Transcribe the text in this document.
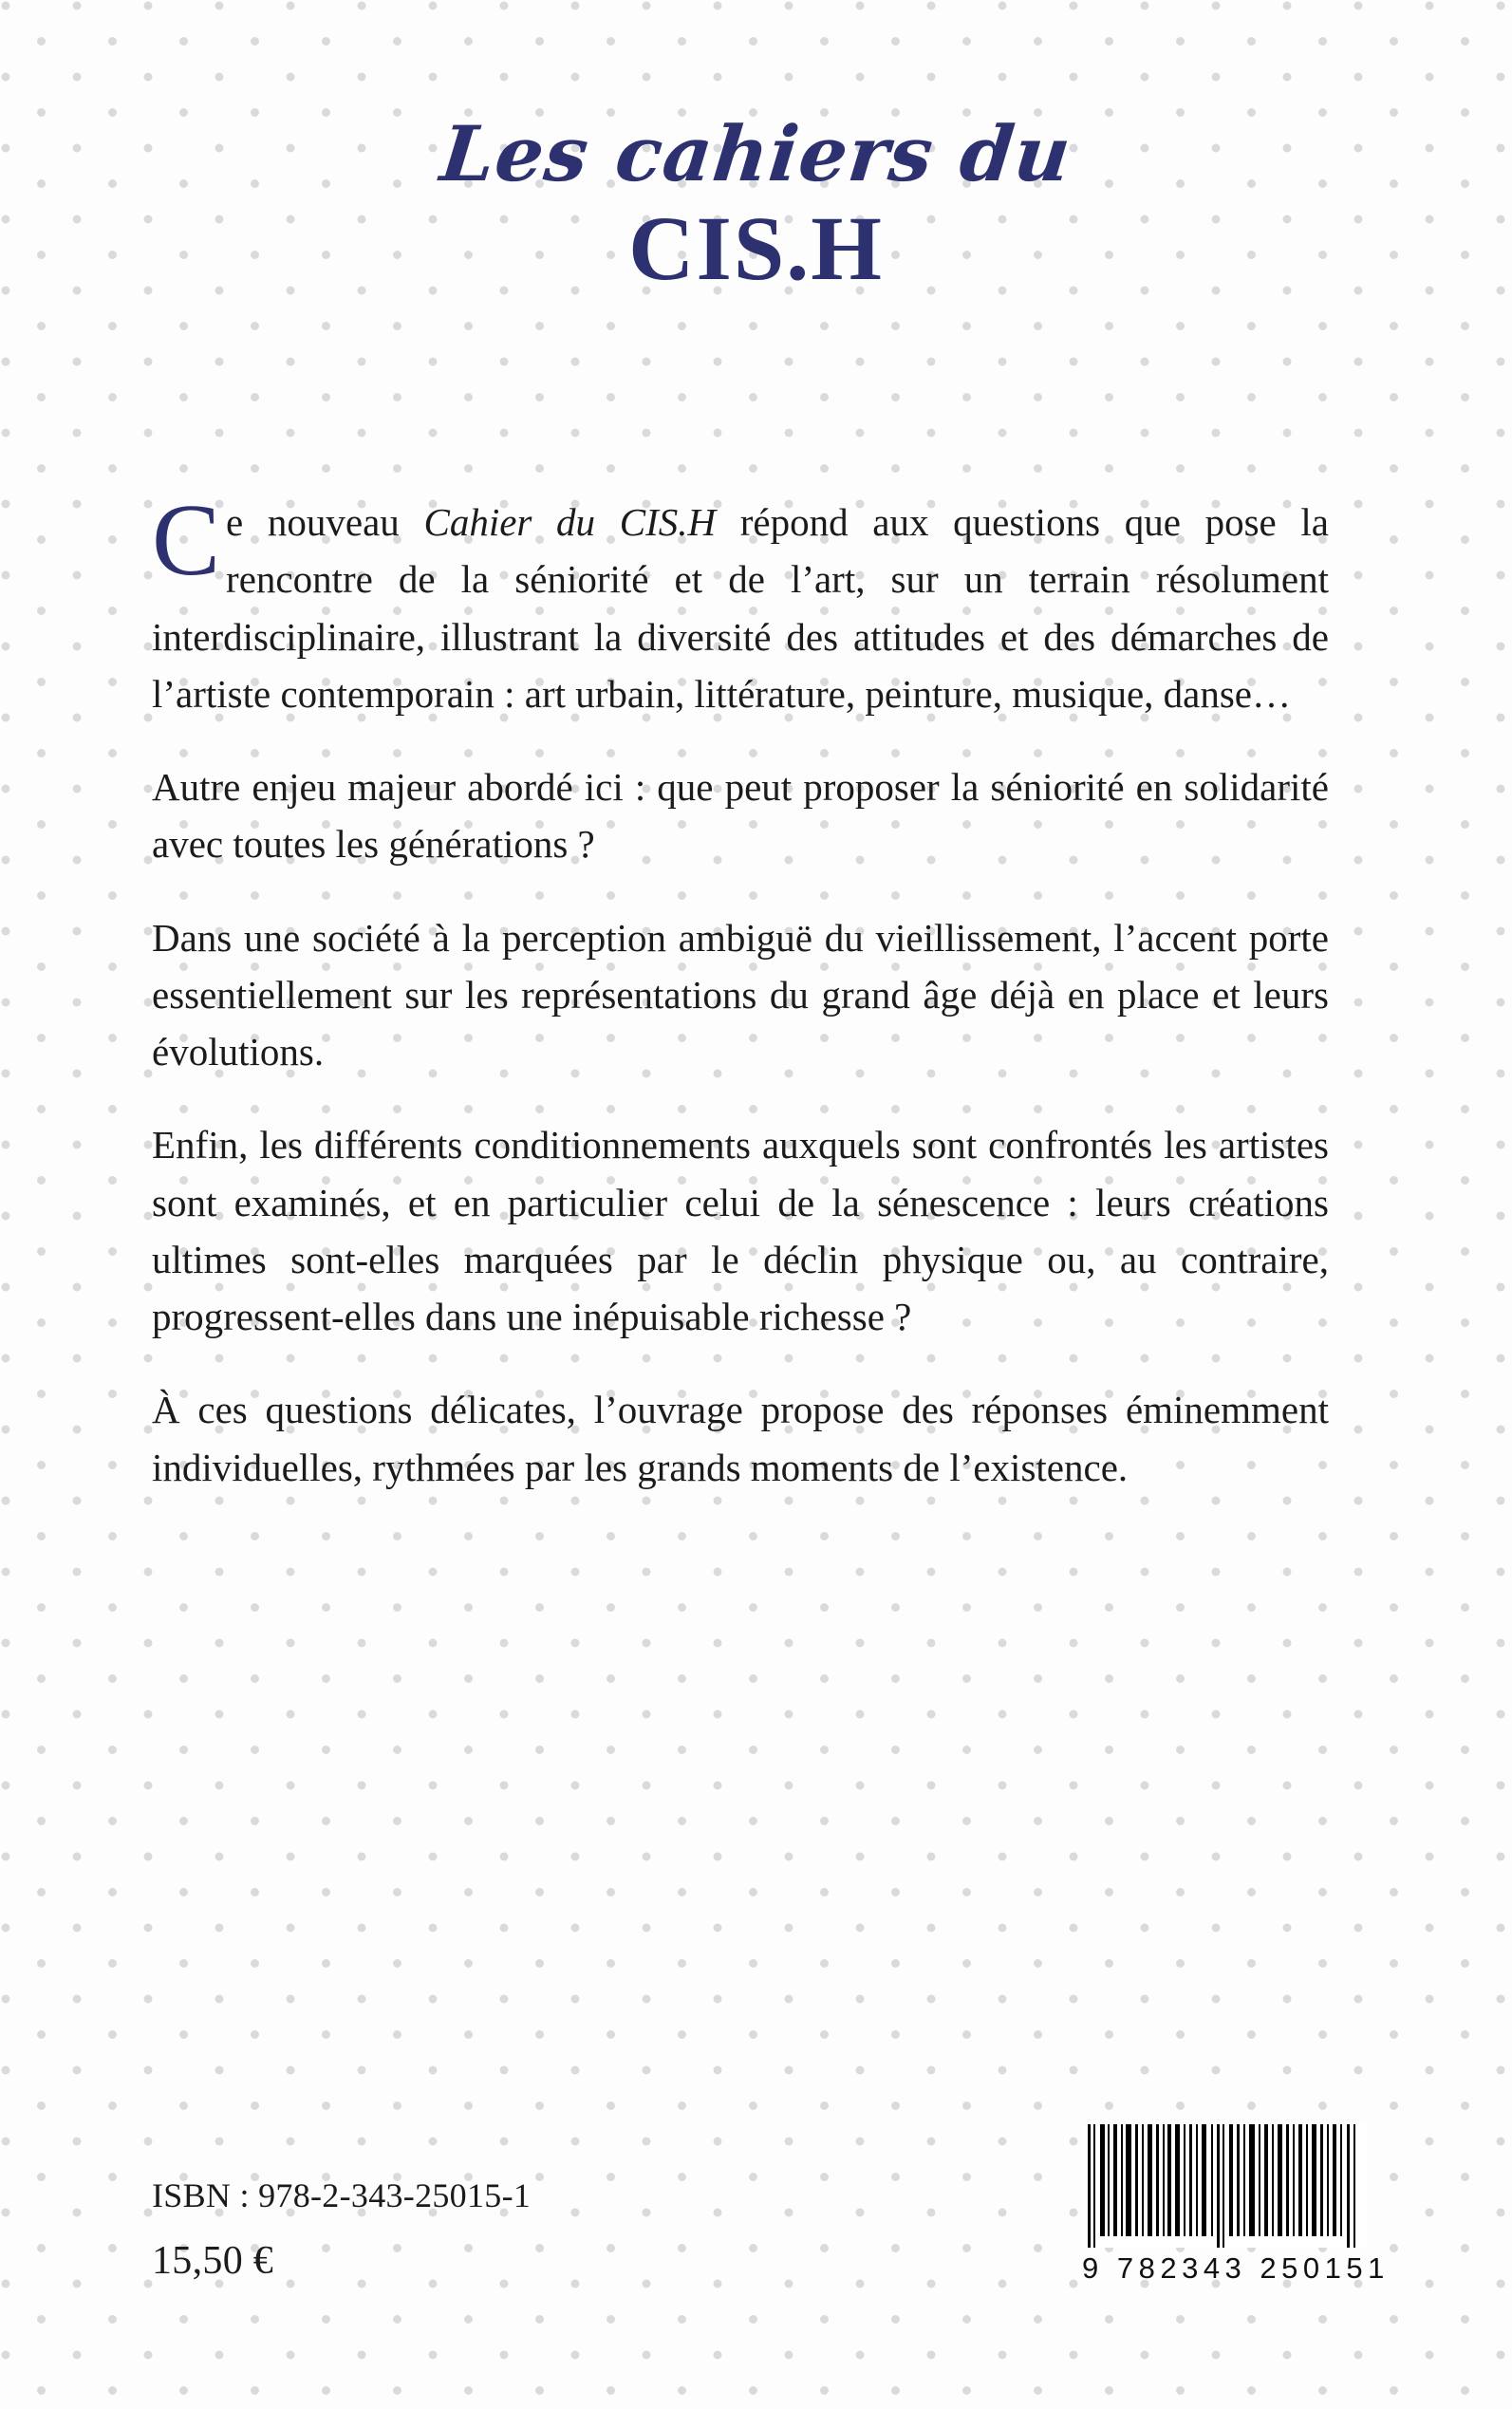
Les cahiers du
CIS.H

Ce nouveau Cahier du CIS.H répond aux questions que pose la rencontre de la séniorité et de l’art, sur un terrain résolument interdisciplinaire, illustrant la diversité des attitudes et des démarches de l’artiste contemporain : art urbain, littérature, peinture, musique, danse…

Autre enjeu majeur abordé ici : que peut proposer la séniorité en solidarité avec toutes les générations ?

Dans une société à la perception ambiguë du vieillissement, l’accent porte essentiellement sur les représentations du grand âge déjà en place et leurs évolutions.

Enfin, les différents conditionnements auxquels sont confrontés les artistes sont examinés, et en particulier celui de la sénescence : leurs créations ultimes sont-elles marquées par le déclin physique ou, au contraire, progressent-elles dans une inépuisable richesse ?

À ces questions délicates, l’ouvrage propose des réponses éminemment individuelles, rythmées par les grands moments de l’existence.

ISBN : 978-2-343-25015-1
15,50 €	9 782343 250151
